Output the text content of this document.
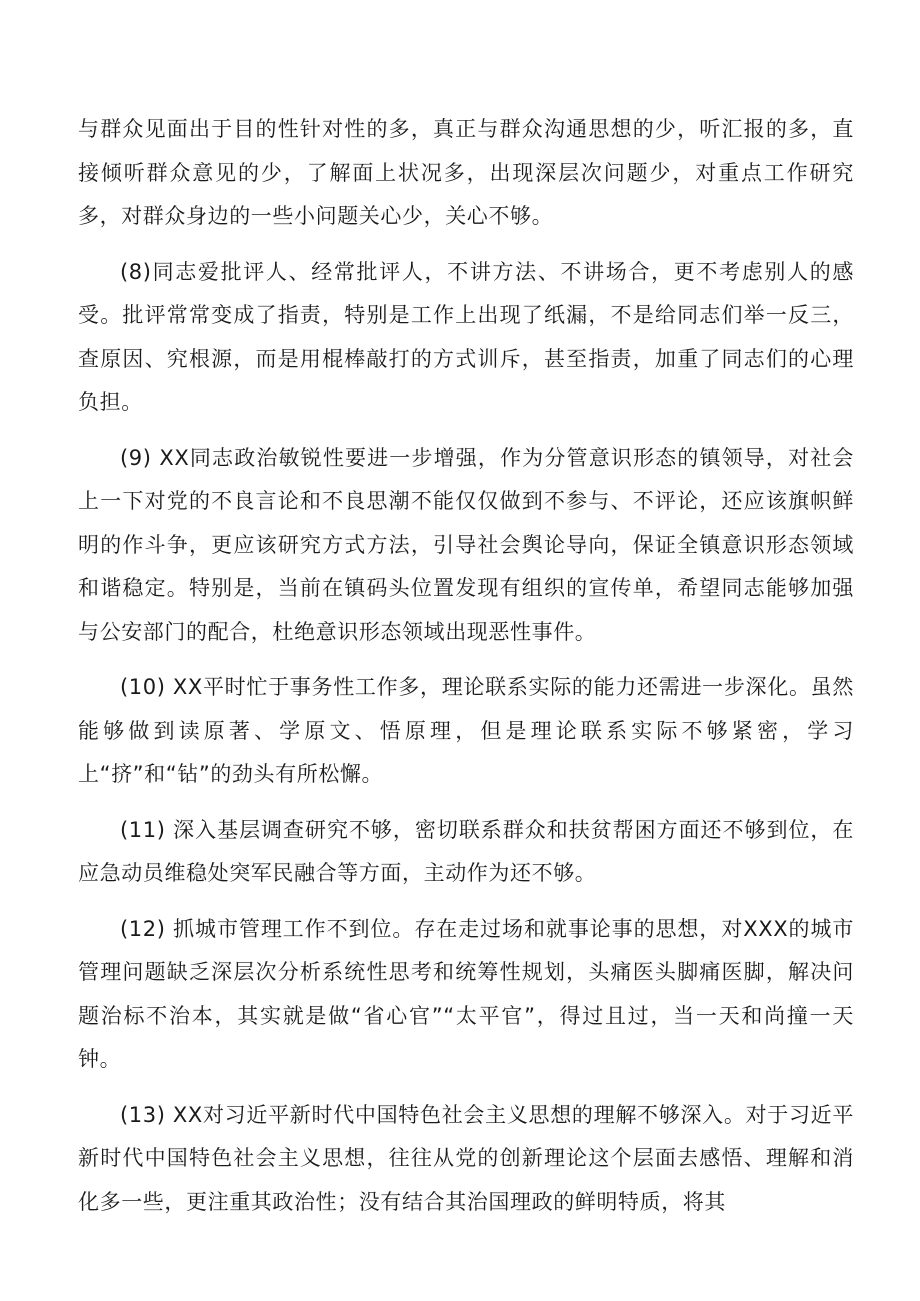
与群众见面出于目的性针对性的多，真正与群众沟通思想的少，听汇报的多，直接倾听群众意见的少，了解面上状况多，出现深层次问题少，对重点工作研究多，对群众身边的一些小问题关心少，关心不够。

(8)同志爱批评人、经常批评人，不讲方法、不讲场合，更不考虑别人的感受。批评常常变成了指责，特别是工作上出现了纸漏，不是给同志们举一反三，查原因、究根源，而是用棍棒敲打的方式训斥，甚至指责，加重了同志们的心理负担。

(9) XX同志政治敏锐性要进一步增强，作为分管意识形态的镇领导，对社会上一下对党的不良言论和不良思潮不能仅仅做到不参与、不评论，还应该旗帜鲜明的作斗争，更应该研究方式方法，引导社会舆论导向，保证全镇意识形态领域和谐稳定。特别是，当前在镇码头位置发现有组织的宣传单，希望同志能够加强与公安部门的配合，杜绝意识形态领域出现恶性事件。

(10) XX平时忙于事务性工作多，理论联系实际的能力还需进一步深化。虽然能够做到读原著、学原文、悟原理，但是理论联系实际不够紧密，学习上“挤”和“钻”的劲头有所松懈。

(11) 深入基层调查研究不够，密切联系群众和扶贫帮困方面还不够到位，在应急动员维稳处突军民融合等方面，主动作为还不够。

(12) 抓城市管理工作不到位。存在走过场和就事论事的思想，对XXX的城市管理问题缺乏深层次分析系统性思考和统筹性规划，头痛医头脚痛医脚，解决问题治标不治本，其实就是做“省心官”“太平官”，得过且过，当一天和尚撞一天钟。

(13) XX对习近平新时代中国特色社会主义思想的理解不够深入。对于习近平新时代中国特色社会主义思想，往往从党的创新理论这个层面去感悟、理解和消化多一些，更注重其政治性；没有结合其治国理政的鲜明特质，将其
